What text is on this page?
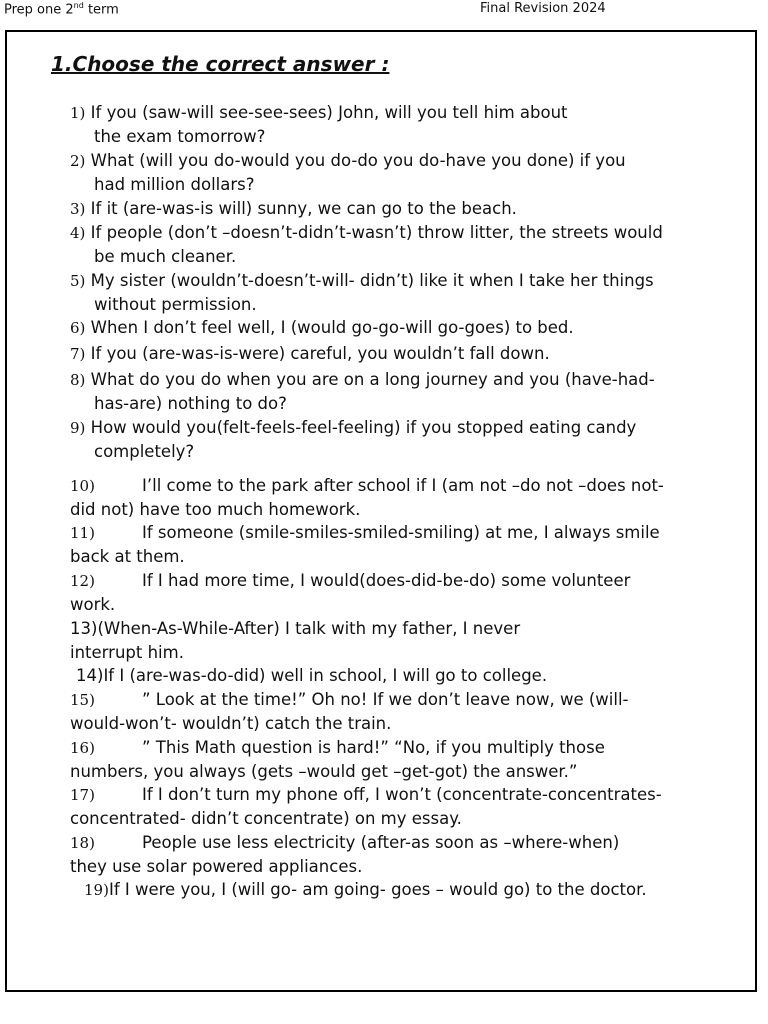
Prep one 2nd term	Final Revision 2024
1.Choose the correct answer :
1) If you (saw-will see-see-sees) John, will you tell him about
the exam tomorrow?
2) What (will you do-would you do-do you do-have you done) if you
had million dollars?
3) If it (are-was-is will) sunny, we can go to the beach.
4) If people (don’t –doesn’t-didn’t-wasn’t) throw litter, the streets would
be much cleaner.
5) My sister (wouldn’t-doesn’t-will- didn’t) like it when I take her things
without permission.
6) When I don’t feel well, I (would go-go-will go-goes) to bed.
7) If you (are-was-is-were) careful, you wouldn’t fall down.
8) What do you do when you are on a long journey and you (have-had-
has-are) nothing to do?
9) How would you(felt-feels-feel-feeling) if you stopped eating candy
completely?
10)	I’ll come to the park after school if I (am not –do not –does not-
did not) have too much homework.
11)	If someone (smile-smiles-smiled-smiling) at me, I always smile
back at them.
12)	If I had more time, I would(does-did-be-do) some volunteer
work.
13)(When-As-While-After) I talk with my father, I never
interrupt him.
14)If I (are-was-do-did) well in school, I will go to college.
15)	” Look at the time!” Oh no! If we don’t leave now, we (will-
would-won’t- wouldn’t) catch the train.
16)	” This Math question is hard!” “No, if you multiply those
numbers, you always (gets –would get –get-got) the answer.”
17)	If I don’t turn my phone off, I won’t (concentrate-concentrates-
concentrated- didn’t concentrate) on my essay.
18)	People use less electricity (after-as soon as –where-when)
they use solar powered appliances.
19)If I were you, I (will go- am going- goes – would go) to the doctor.
